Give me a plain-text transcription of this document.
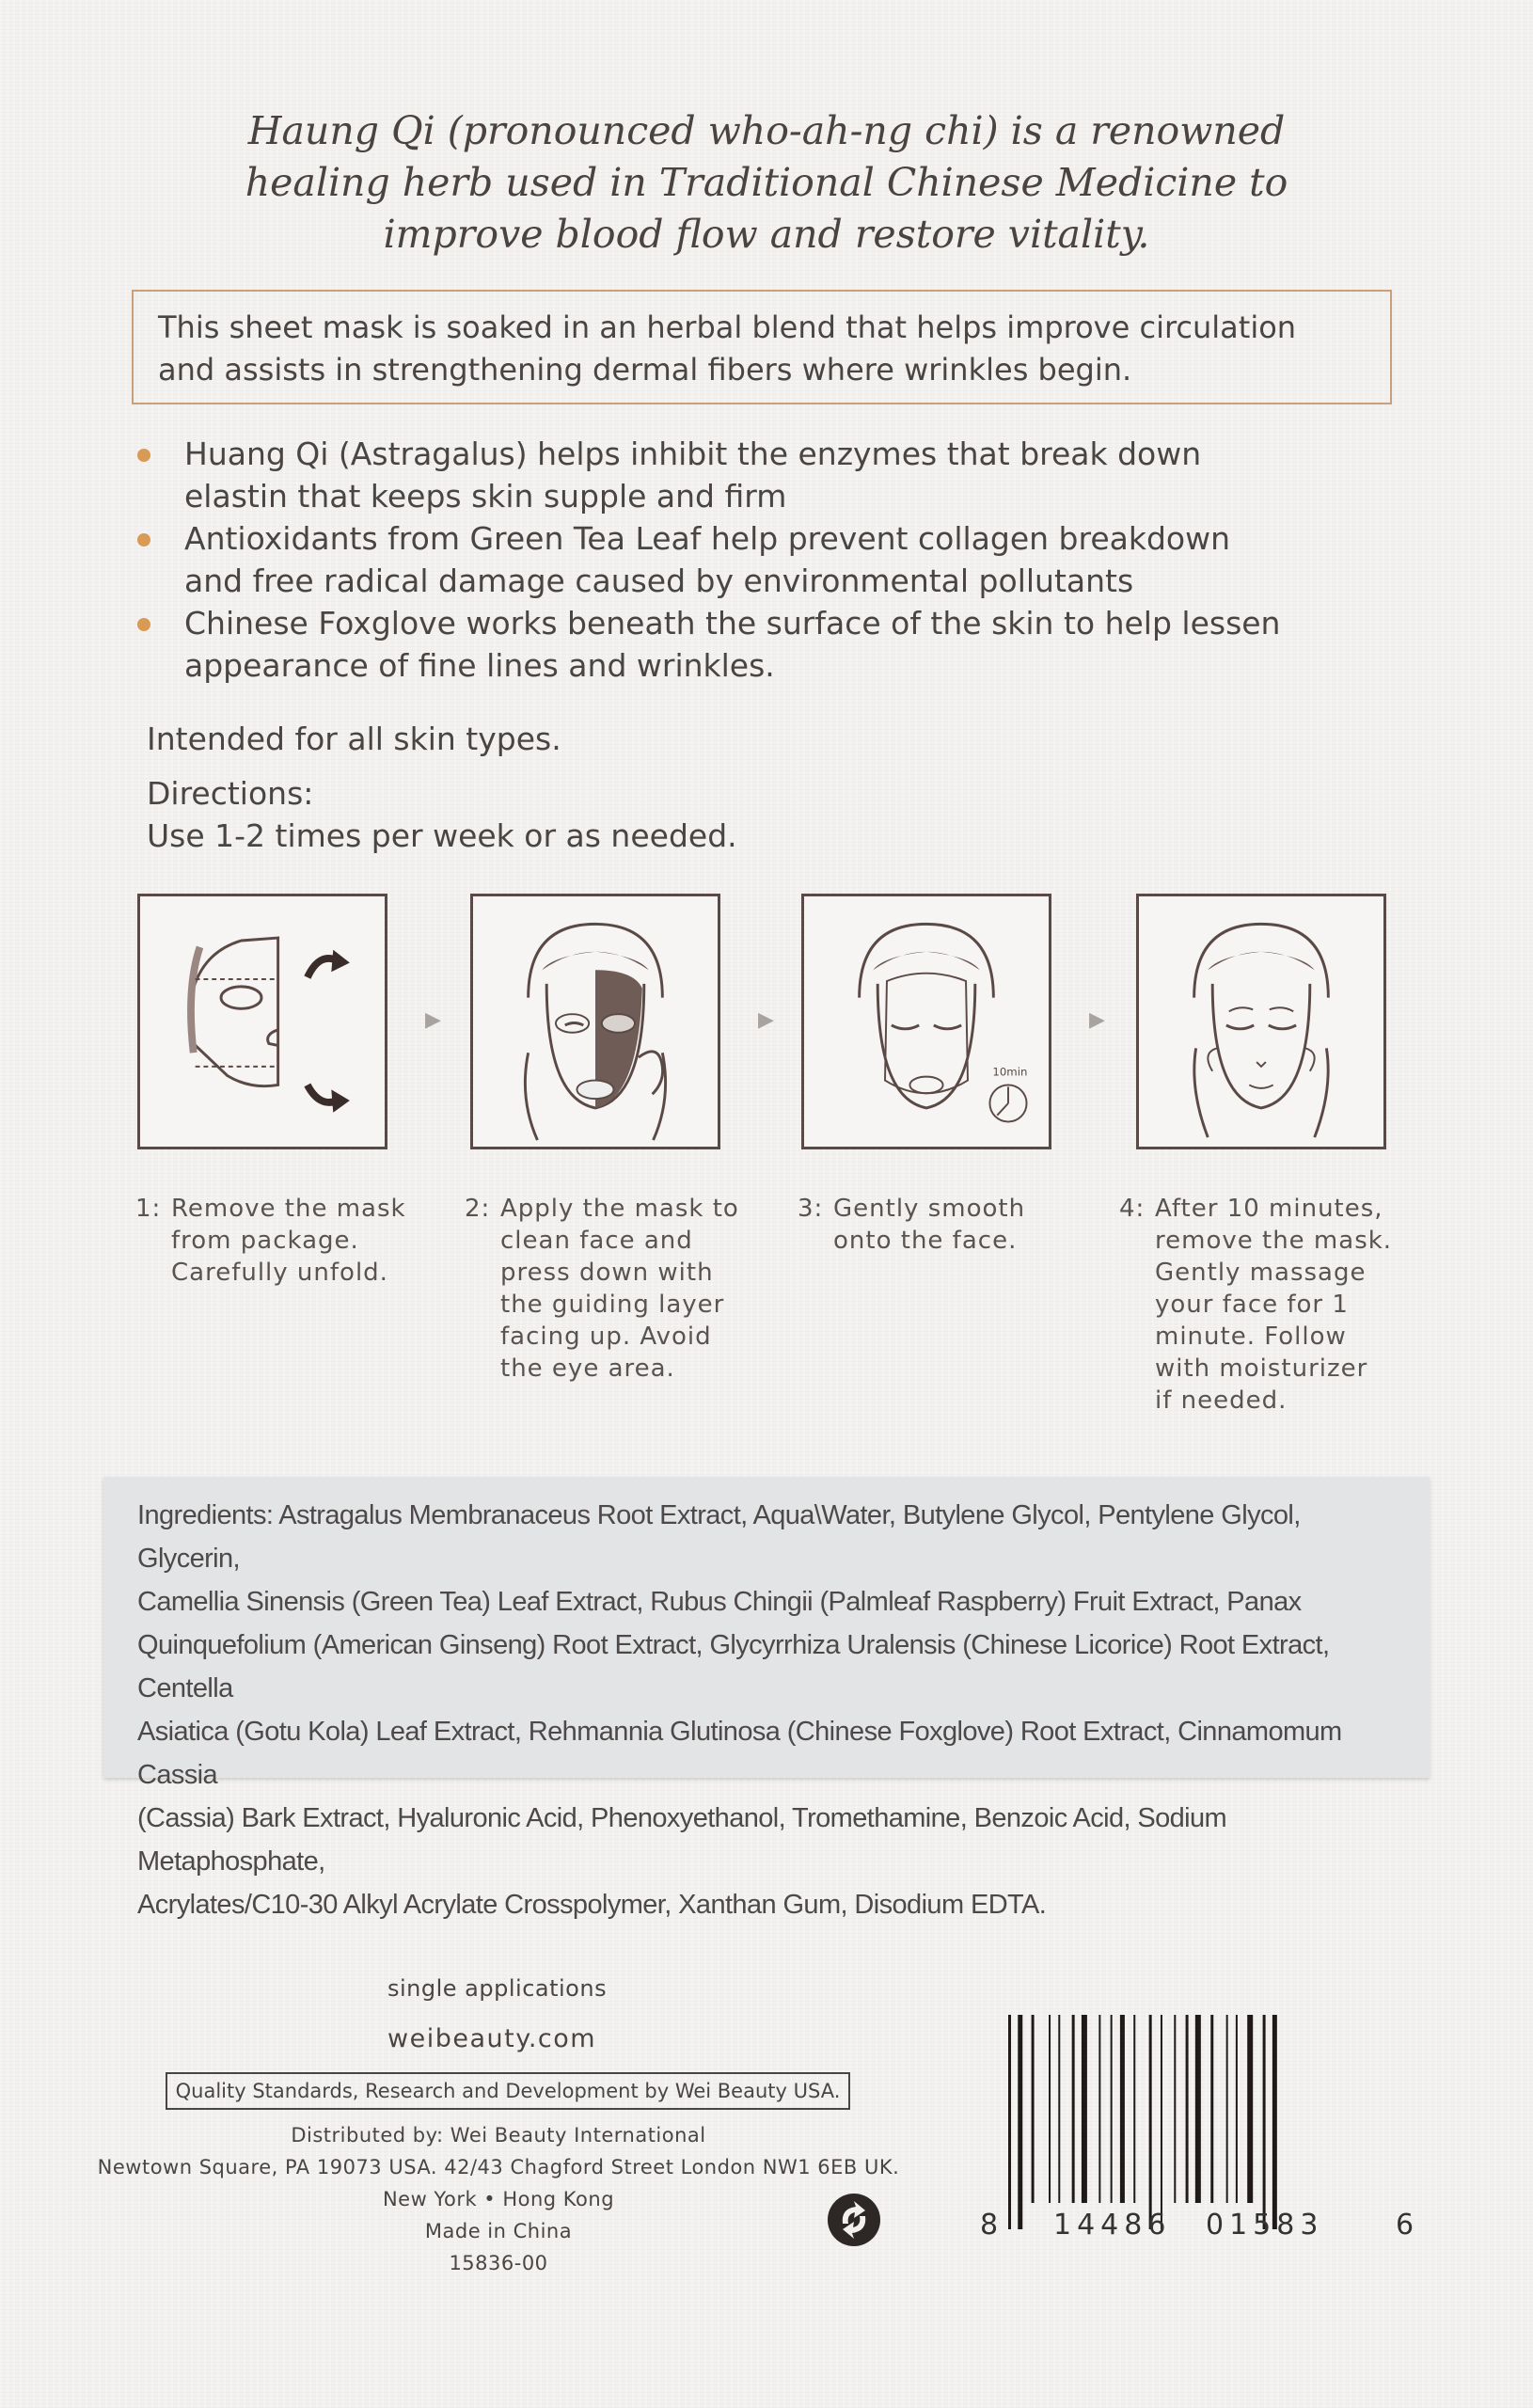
Haung Qi (pronounced who-ah-ng chi) is a renowned
healing herb used in Traditional Chinese Medicine to
improve blood flow and restore vitality.
This sheet mask is soaked in an herbal blend that helps improve circulation
and assists in strengthening dermal fibers where wrinkles begin.
Huang Qi (Astragalus) helps inhibit the enzymes that break down
elastin that keeps skin supple and firm
Antioxidants from Green Tea Leaf help prevent collagen breakdown
and free radical damage caused by environmental pollutants
Chinese Foxglove works beneath the surface of the skin to help lessen
appearance of fine lines and wrinkles.
Intended for all skin types.
Directions:
Use 1-2 times per week or as needed.
▶	▶
10min
▶
1: Remove the mask
from package.
Carefully unfold.
2: Apply the mask to
clean face and
press down with
the guiding layer
facing up. Avoid
the eye area.
3: Gently smooth
onto the face.
4: After 10 minutes,
remove the mask.
Gently massage
your face for 1
minute. Follow
with moisturizer
if needed.
Ingredients: Astragalus Membranaceus Root Extract, Aqua\Water, Butylene Glycol, Pentylene Glycol, Glycerin,
Camellia Sinensis (Green Tea) Leaf Extract, Rubus Chingii (Palmleaf Raspberry) Fruit Extract, Panax
Quinquefolium (American Ginseng) Root Extract, Glycyrrhiza Uralensis (Chinese Licorice) Root Extract, Centella
Asiatica (Gotu Kola) Leaf Extract, Rehmannia Glutinosa (Chinese Foxglove) Root Extract, Cinnamomum Cassia
(Cassia) Bark Extract, Hyaluronic Acid, Phenoxyethanol, Tromethamine, Benzoic Acid, Sodium Metaphosphate,
Acrylates/C10-30 Alkyl Acrylate Crosspolymer, Xanthan Gum, Disodium EDTA.
single applications
weibeauty.com
Quality Standards, Research and Development by Wei Beauty USA.
Distributed by: Wei Beauty International
Newtown Square, PA 19073 USA. 42/43 Chagford Street London NW1 6EB UK.
New York • Hong Kong
Made in China
15836-00
8 14486 01583	6
